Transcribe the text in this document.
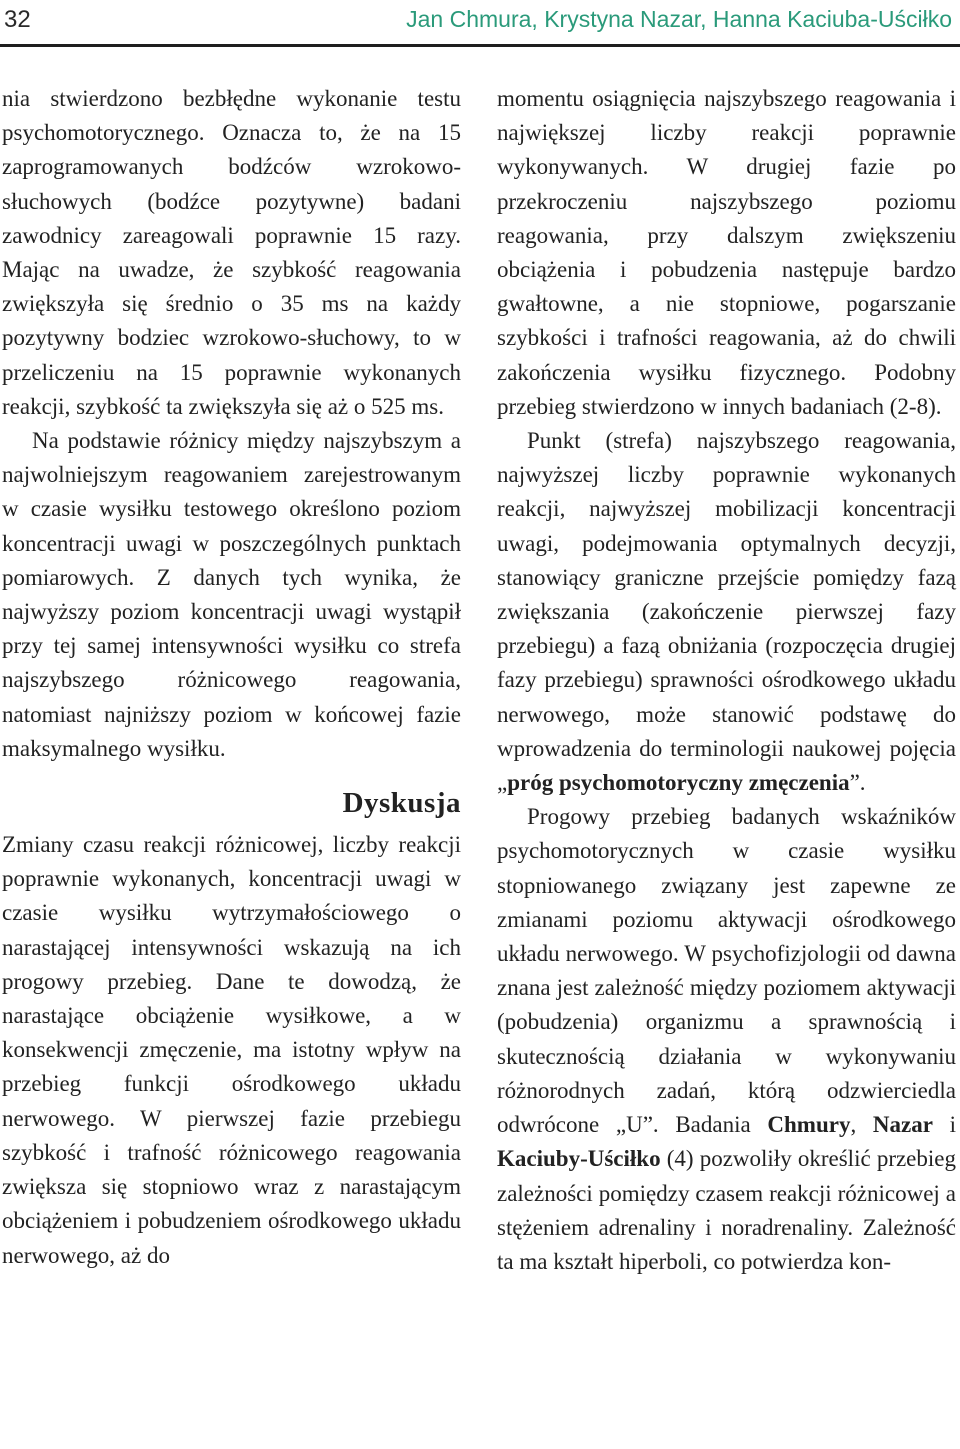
32	Jan Chmura, Krystyna Nazar, Hanna Kaciuba-Uściłko

nia stwierdzono bezbłędne wykonanie testu psychomotorycznego. Oznacza to, że na 15 zaprogramowanych bodźców wzrokowo-słuchowych (bodźce pozytywne) badani zawodnicy zareagowali poprawnie 15 razy. Mając na uwadze, że szybkość reagowania zwiększyła się średnio o 35 ms na każdy pozytywny bodziec wzrokowo-słuchowy, to w przeliczeniu na 15 poprawnie wykonanych reakcji, szybkość ta zwiększyła się aż o 525 ms.

Na podstawie różnicy między najszybszym a najwolniejszym reagowaniem zarejestrowanym w czasie wysiłku testowego określono poziom koncentracji uwagi w poszczególnych punktach pomiarowych. Z danych tych wynika, że najwyższy poziom koncentracji uwagi wystąpił przy tej samej intensywności wysiłku co strefa najszybszego różnicowego reagowania, natomiast najniższy poziom w końcowej fazie maksymalnego wysiłku.

Dyskusja

Zmiany czasu reakcji różnicowej, liczby reakcji poprawnie wykonanych, koncentracji uwagi w czasie wysiłku wytrzymałościowego o narastającej intensywności wskazują na ich progowy przebieg. Dane te dowodzą, że narastające obciążenie wysiłkowe, a w konsekwencji zmęczenie, ma istotny wpływ na przebieg funkcji ośrodkowego układu nerwowego. W pierwszej fazie przebiegu szybkość i trafność różnicowego reagowania zwiększa się stopniowo wraz z narastającym obciążeniem i pobudzeniem ośrodkowego układu nerwowego, aż do

momentu osiągnięcia najszybszego reagowania i największej liczby reakcji poprawnie wykonywanych. W drugiej fazie po przekroczeniu najszybszego poziomu reagowania, przy dalszym zwiększeniu obciążenia i pobudzenia następuje bardzo gwałtowne, a nie stopniowe, pogarszanie szybkości i trafności reagowania, aż do chwili zakończenia wysiłku fizycznego. Podobny przebieg stwierdzono w innych badaniach (2-8).

Punkt (strefa) najszybszego reagowania, najwyższej liczby poprawnie wykonanych reakcji, najwyższej mobilizacji koncentracji uwagi, podejmowania optymalnych decyzji, stanowiący graniczne przejście pomiędzy fazą zwiększania (zakończenie pierwszej fazy przebiegu) a fazą obniżania (rozpoczęcia drugiej fazy przebiegu) sprawności ośrodkowego układu nerwowego, może stanowić podstawę do wprowadzenia do terminologii naukowej pojęcia „próg psychomotoryczny zmęczenia”.

Progowy przebieg badanych wskaźników psychomotorycznych w czasie wysiłku stopniowanego związany jest zapewne ze zmianami poziomu aktywacji ośrodkowego układu nerwowego. W psychofizjologii od dawna znana jest zależność między poziomem aktywacji (pobudzenia) organizmu a sprawnością i skutecznością działania w wykonywaniu różnorodnych zadań, którą odzwierciedla odwrócone „U”. Badania Chmury, Nazar i Kaciuby-Uściłko (4) pozwoliły określić przebieg zależności pomiędzy czasem reakcji różnicowej a stężeniem adrenaliny i noradrenaliny. Zależność ta ma kształt hiperboli, co potwierdza kon-
